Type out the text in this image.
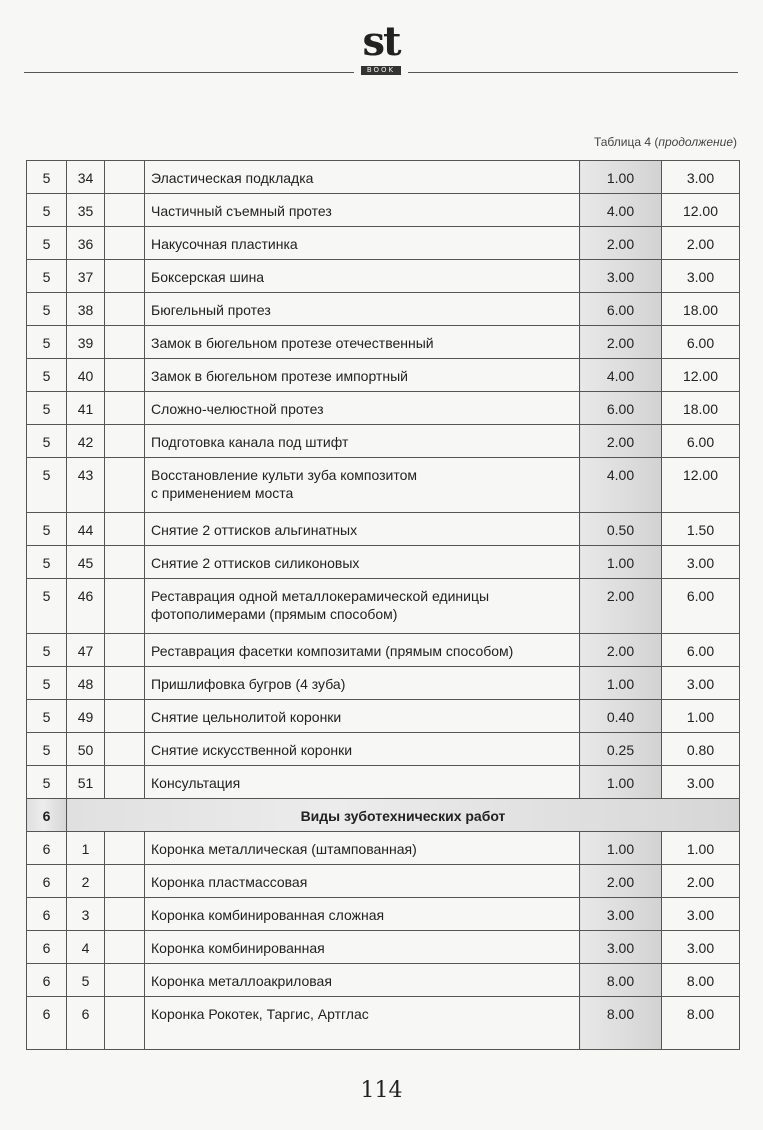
st
BOOK
Таблица 4 (продолжение)
5	34		Эластическая подкладка	1.00	3.00
5	35		Частичный съемный протез	4.00	12.00
5	36		Накусочная пластинка	2.00	2.00
5	37		Боксерская шина	3.00	3.00
5	38		Бюгельный протез	6.00	18.00
5	39		Замок в бюгельном протезе отечественный	2.00	6.00
5	40		Замок в бюгельном протезе импортный	4.00	12.00
5	41		Сложно-челюстной протез	6.00	18.00
5	42		Подготовка канала под штифт	2.00	6.00
5	43		Восстановление культи зуба композитом
с применением моста	4.00	12.00
5	44		Снятие 2 оттисков альгинатных	0.50	1.50
5	45		Снятие 2 оттисков силиконовых	1.00	3.00
5	46		Реставрация одной металлокерамической единицы
фотополимерами (прямым способом)	2.00	6.00
5	47		Реставрация фасетки композитами (прямым способом)	2.00	6.00
5	48		Пришлифовка бугров (4 зуба)	1.00	3.00
5	49		Снятие цельнолитой коронки	0.40	1.00
5	50		Снятие искусственной коронки	0.25	0.80
5	51		Консультация	1.00	3.00
6	Виды зуботехнических работ				
6	1		Коронка металлическая (штампованная)	1.00	1.00
6	2		Коронка пластмассовая	2.00	2.00
6	3		Коронка комбинированная сложная	3.00	3.00
6	4		Коронка комбинированная	3.00	3.00
6	5		Коронка металлоакриловая	8.00	8.00
6	6		Коронка Рокотек, Таргис, Артглас	8.00	8.00
114
